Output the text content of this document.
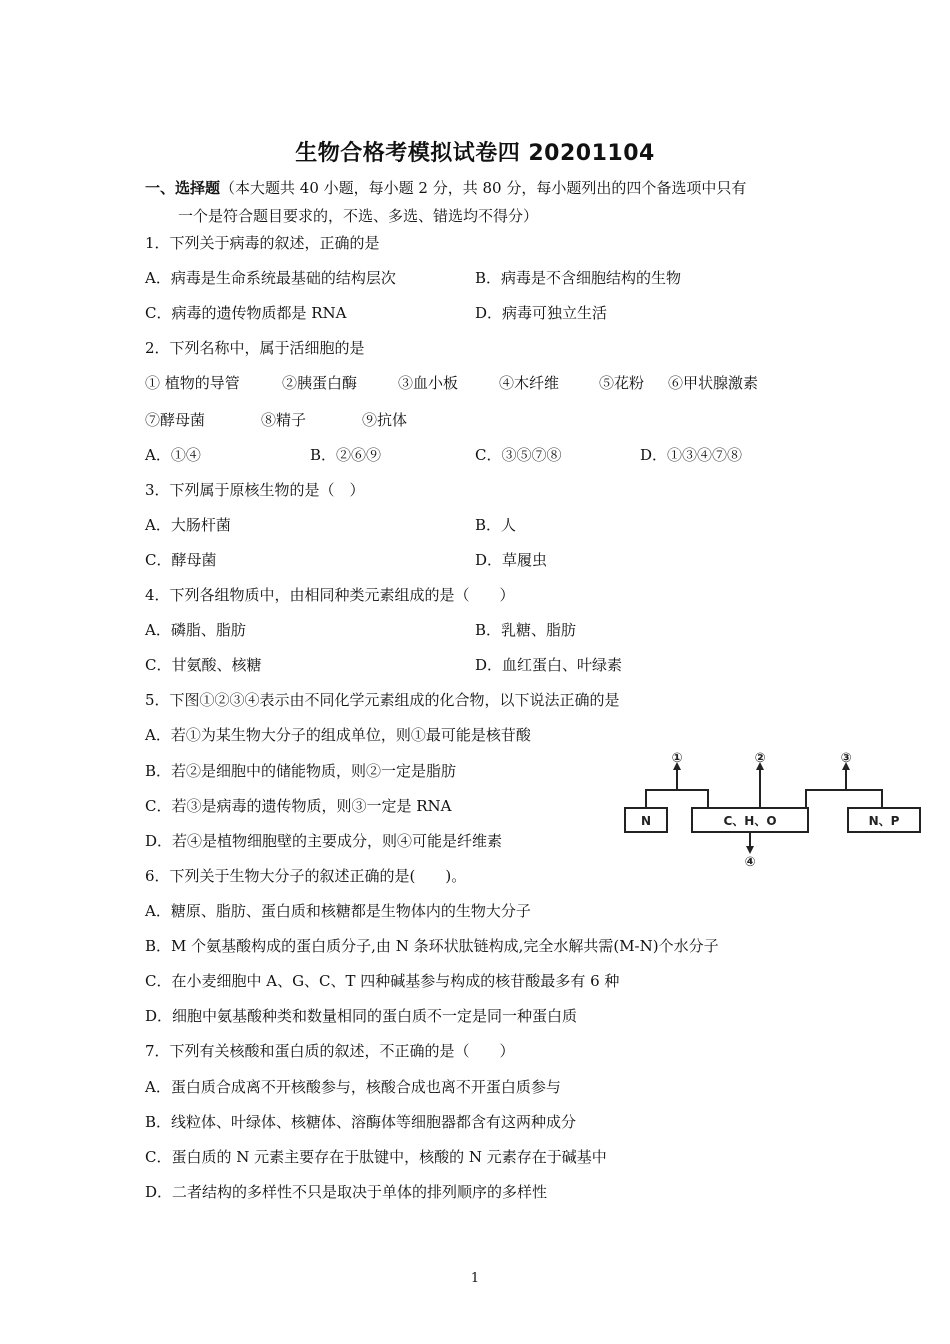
生物合格考模拟试卷四 20201104
一、选择题（本大题共 40 小题，每小题 2 分，共 80 分，每小题列出的四个备选项中只有
一个是符合题目要求的，不选、多选、错选均不得分）
1．下列关于病毒的叙述，正确的是
A．病毒是生命系统最基础的结构层次	B．病毒是不含细胞结构的生物
C．病毒的遗传物质都是 RNA	D．病毒可独立生活
2．下列名称中，属于活细胞的是
① 植物的导管	②胰蛋白酶	③血小板	④木纤维	⑤花粉 ⑥甲状腺激素
⑦酵母菌	⑧精子	⑨抗体
A．①④	B．②⑥⑨	C．③⑤⑦⑧	D．①③④⑦⑧
3．下列属于原核生物的是（　）
A．大肠杆菌	B．人
C．酵母菌	D．草履虫
4．下列各组物质中，由相同种类元素组成的是（　　）
A．磷脂、脂肪	B．乳糖、脂肪
C．甘氨酸、核糖	D．血红蛋白、叶绿素
5．下图①②③④表示由不同化学元素组成的化合物，以下说法正确的是
A．若①为某生物大分子的组成单位，则①最可能是核苷酸
B．若②是细胞中的储能物质，则②一定是脂肪
C．若③是病毒的遗传物质，则③一定是 RNA
D．若④是植物细胞壁的主要成分，则④可能是纤维素
N	C、H、O	N、P
①	②	③
④
6．下列关于生物大分子的叙述正确的是(　　)。
A．糖原、脂肪、蛋白质和核糖都是生物体内的生物大分子
B．M 个氨基酸构成的蛋白质分子,由 N 条环状肽链构成,完全水解共需(M-N)个水分子
C．在小麦细胞中 A、G、C、T 四种碱基参与构成的核苷酸最多有 6 种
D．细胞中氨基酸种类和数量相同的蛋白质不一定是同一种蛋白质
7．下列有关核酸和蛋白质的叙述，不正确的是（　　）
A．蛋白质合成离不开核酸参与，核酸合成也离不开蛋白质参与
B．线粒体、叶绿体、核糖体、溶酶体等细胞器都含有这两种成分
C．蛋白质的 N 元素主要存在于肽键中，核酸的 N 元素存在于碱基中
D．二者结构的多样性不只是取决于单体的排列顺序的多样性
1
